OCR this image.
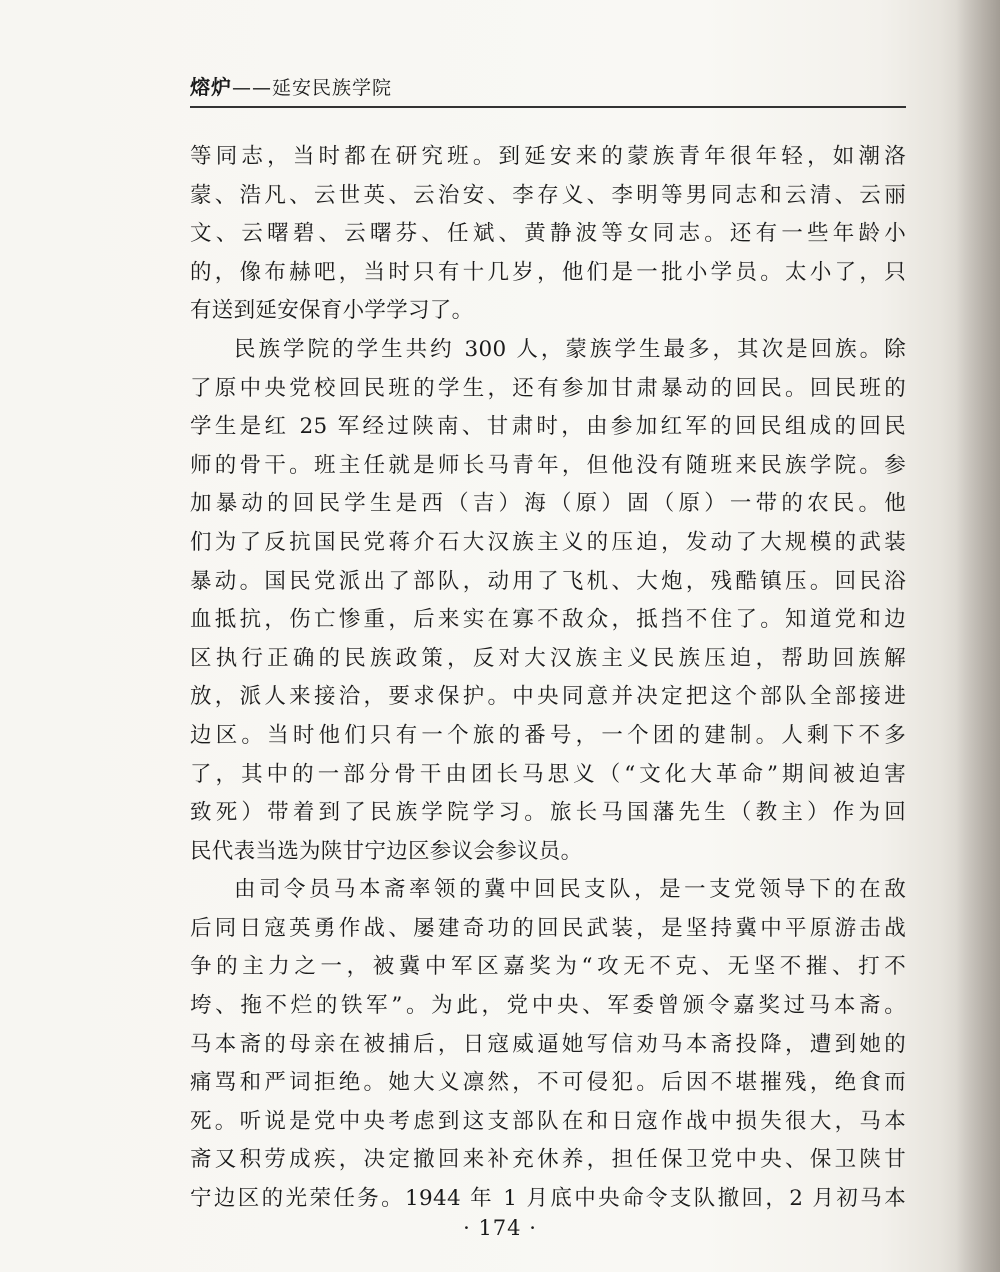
熔炉——延安民族学院
等同志，当时都在研究班。到延安来的蒙族青年很年轻，如潮洛
蒙、浩凡、云世英、云治安、李存义、李明等男同志和云清、云丽
文、云曙碧、云曙芬、任斌、黄静波等女同志。还有一些年龄小
的，像布赫吧，当时只有十几岁，他们是一批小学员。太小了，只
有送到延安保育小学学习了。
民族学院的学生共约 300 人，蒙族学生最多，其次是回族。除
了原中央党校回民班的学生，还有参加甘肃暴动的回民。回民班的
学生是红 25 军经过陕南、甘肃时，由参加红军的回民组成的回民
师的骨干。班主任就是师长马青年，但他没有随班来民族学院。参
加暴动的回民学生是西（吉）海（原）固（原）一带的农民。他
们为了反抗国民党蒋介石大汉族主义的压迫，发动了大规模的武装
暴动。国民党派出了部队，动用了飞机、大炮，残酷镇压。回民浴
血抵抗，伤亡惨重，后来实在寡不敌众，抵挡不住了。知道党和边
区执行正确的民族政策，反对大汉族主义民族压迫，帮助回族解
放，派人来接洽，要求保护。中央同意并决定把这个部队全部接进
边区。当时他们只有一个旅的番号，一个团的建制。人剩下不多
了，其中的一部分骨干由团长马思义（“文化大革命”期间被迫害
致死）带着到了民族学院学习。旅长马国藩先生（教主）作为回
民代表当选为陕甘宁边区参议会参议员。
由司令员马本斋率领的冀中回民支队，是一支党领导下的在敌
后同日寇英勇作战、屡建奇功的回民武装，是坚持冀中平原游击战
争的主力之一，被冀中军区嘉奖为“攻无不克、无坚不摧、打不
垮、拖不烂的铁军”。为此，党中央、军委曾颁令嘉奖过马本斋。
马本斋的母亲在被捕后，日寇威逼她写信劝马本斋投降，遭到她的
痛骂和严词拒绝。她大义凛然，不可侵犯。后因不堪摧残，绝食而
死。听说是党中央考虑到这支部队在和日寇作战中损失很大，马本
斋又积劳成疾，决定撤回来补充休养，担任保卫党中央、保卫陕甘
宁边区的光荣任务。1944 年 1 月底中央命令支队撤回，2 月初马本
· 174 ·
